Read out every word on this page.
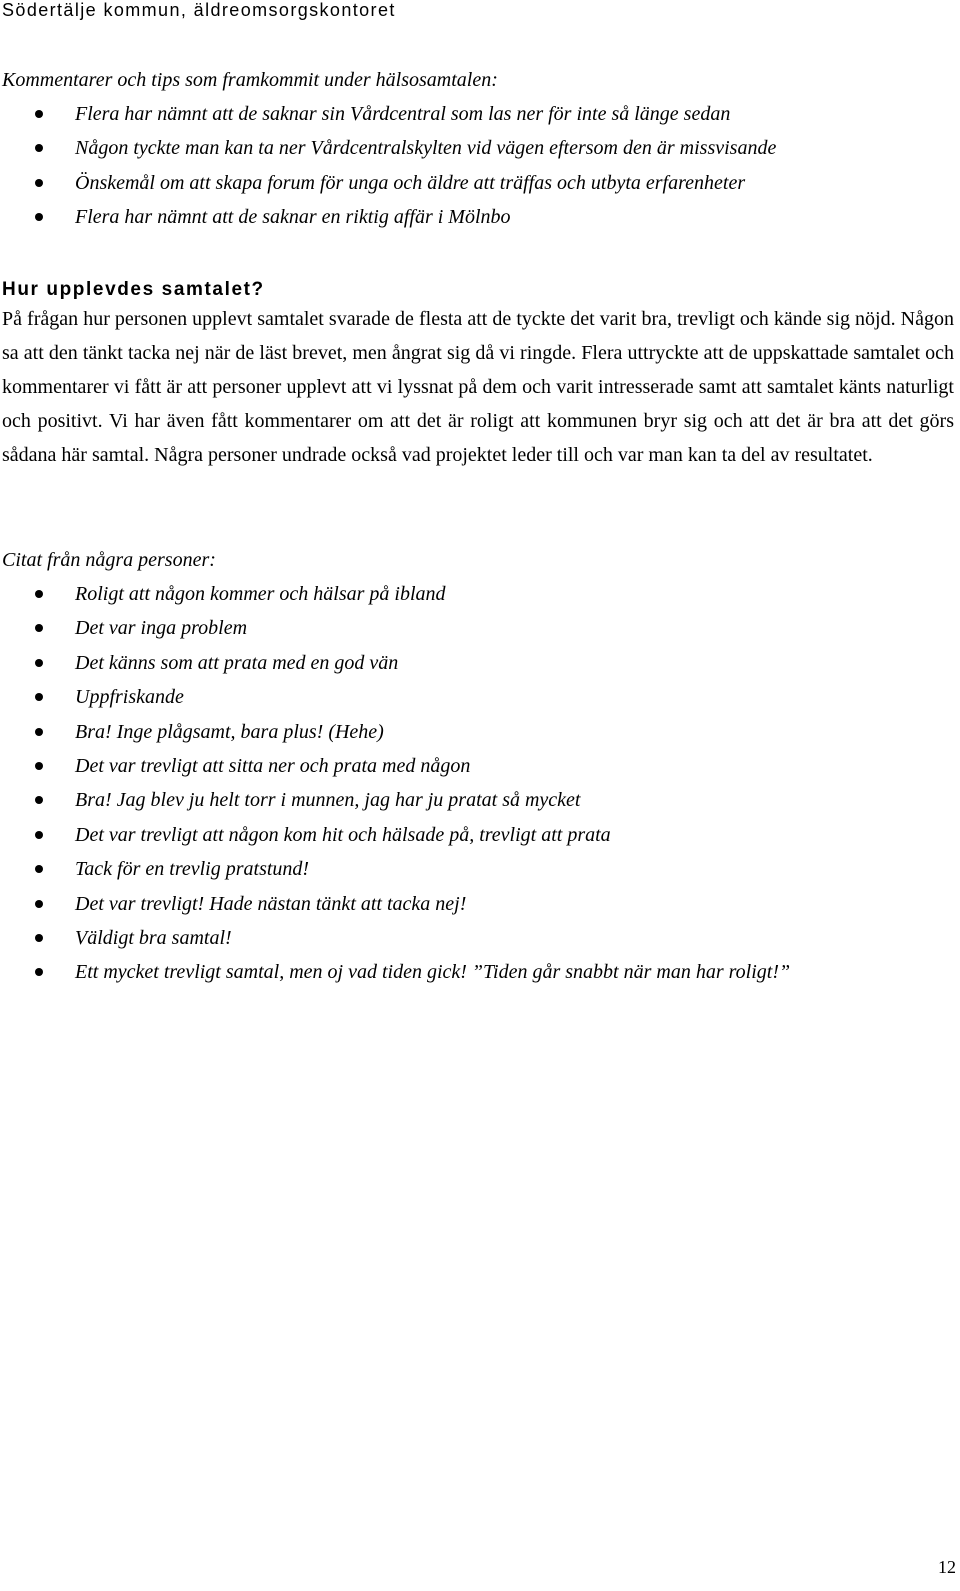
Södertälje kommun, äldreomsorgskontoret
Kommentarer och tips som framkommit under hälsosamtalen:
Flera har nämnt att de saknar sin Vårdcentral som las ner för inte så länge sedan
Någon tyckte man kan ta ner Vårdcentralskylten vid vägen eftersom den är missvisande
Önskemål om att skapa forum för unga och äldre att träffas och utbyta erfarenheter
Flera har nämnt att de saknar en riktig affär i Mölnbo
Hur upplevdes samtalet?

På frågan hur personen upplevt samtalet svarade de flesta att de tyckte det varit bra, trevligt och kände sig nöjd. Någon sa att den tänkt tacka nej när de läst brevet, men ångrat sig då vi ringde. Flera uttryckte att de uppskattade samtalet och kommentarer vi fått är att personer upplevt att vi lyssnat på dem och varit intresserade samt att samtalet känts naturligt och positivt. Vi har även fått kommentarer om att det är roligt att kommunen bryr sig och att det är bra att det görs sådana här samtal. Några personer undrade också vad projektet leder till och var man kan ta del av resultatet.

Citat från några personer:
Roligt att någon kommer och hälsar på ibland
Det var inga problem
Det känns som att prata med en god vän
Uppfriskande
Bra! Inge plågsamt, bara plus! (Hehe)
Det var trevligt att sitta ner och prata med någon
Bra! Jag blev ju helt torr i munnen, jag har ju pratat så mycket
Det var trevligt att någon kom hit och hälsade på, trevligt att prata
Tack för en trevlig pratstund!
Det var trevligt! Hade nästan tänkt att tacka nej!
Väldigt bra samtal!
Ett mycket trevligt samtal, men oj vad tiden gick! ”Tiden går snabbt när man har roligt!”
12
